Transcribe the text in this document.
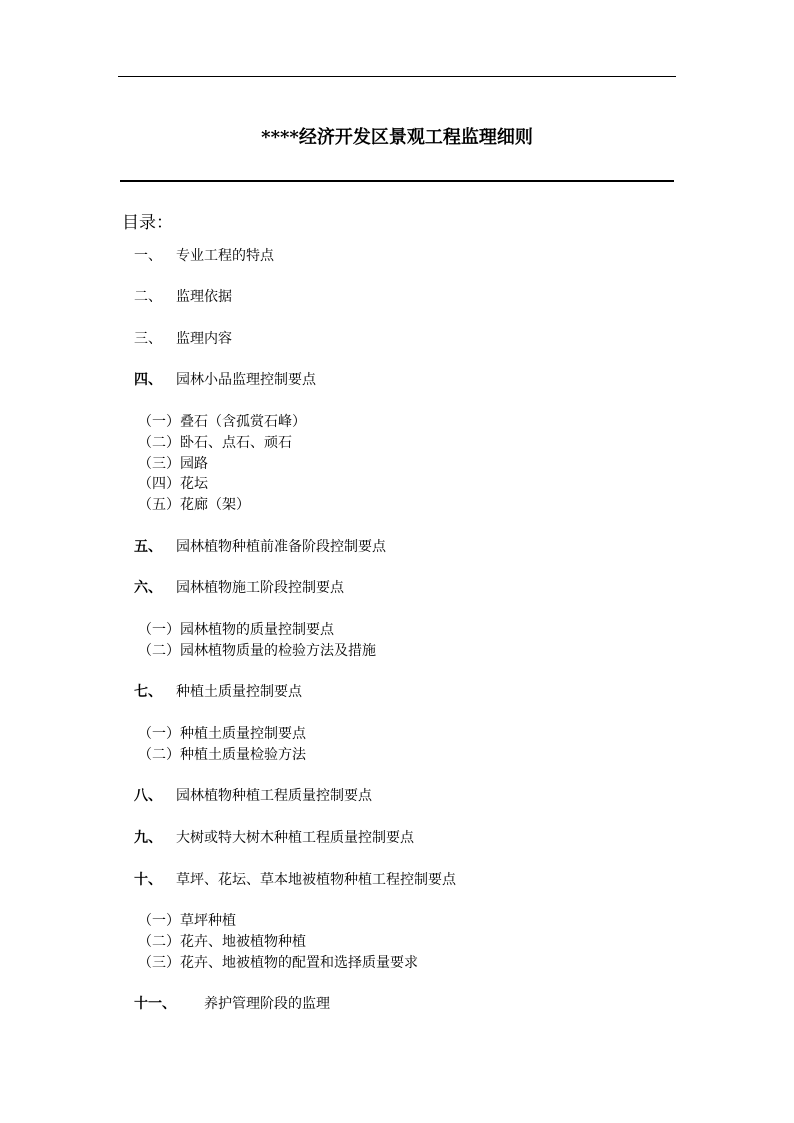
****经济开发区景观工程监理细则
目录：
一、 专业工程的特点
二、 监理依据
三、 监理内容
四、 园林小品监理控制要点
（一）叠石（含孤赏石峰）
（二）卧石、点石、顽石
（三）园路
（四）花坛
（五）花廊（架）
五、 园林植物种植前准备阶段控制要点
六、 园林植物施工阶段控制要点
（一）园林植物的质量控制要点
（二）园林植物质量的检验方法及措施
七、 种植土质量控制要点
（一）种植土质量控制要点
（二）种植土质量检验方法
八、 园林植物种植工程质量控制要点
九、 大树或特大树木种植工程质量控制要点
十、 草坪、花坛、草本地被植物种植工程控制要点
（一）草坪种植
（二）花卉、地被植物种植
（三）花卉、地被植物的配置和选择质量要求
十一、 养护管理阶段的监理
